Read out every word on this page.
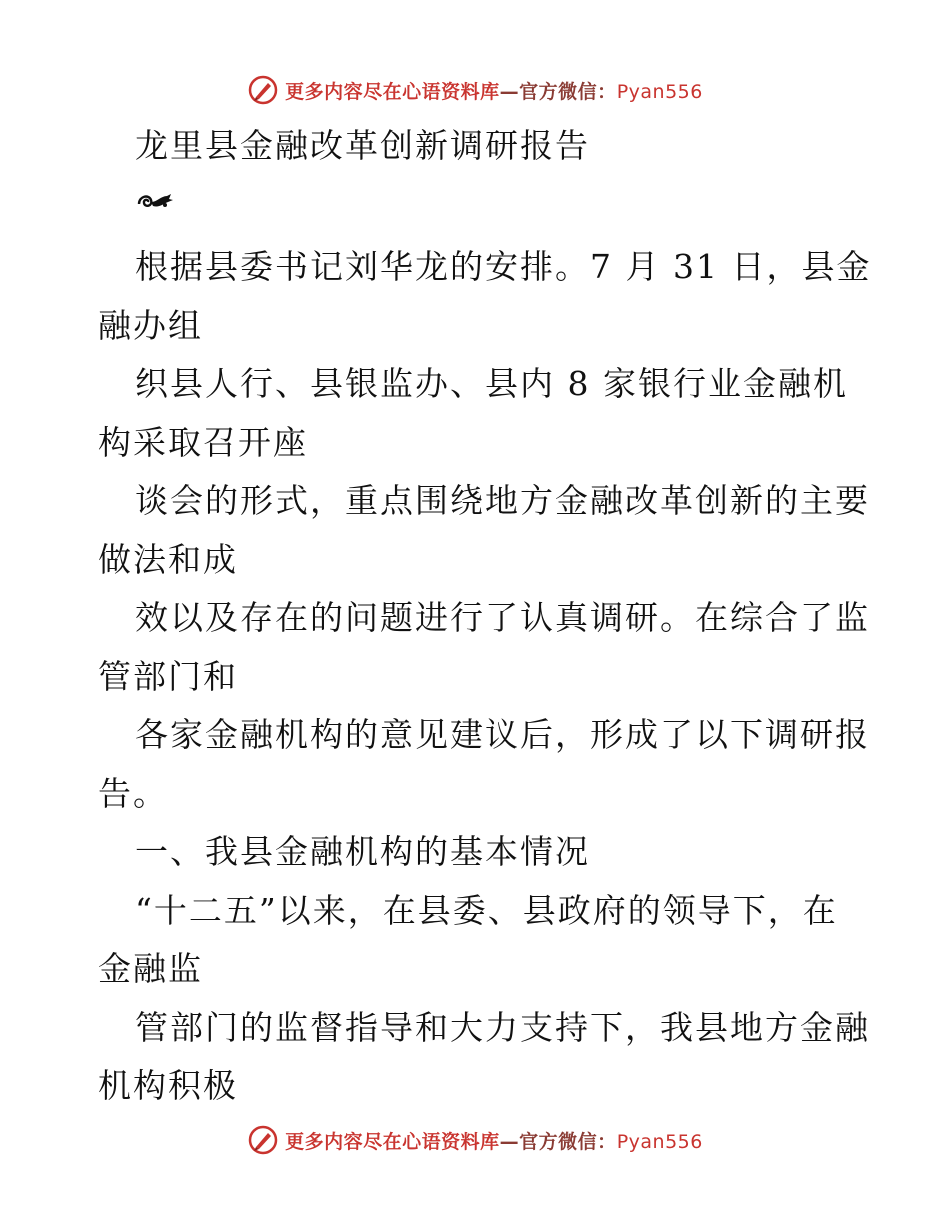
更多内容尽在心语资料库—官方微信：Pyan556
龙里县金融改革创新调研报告
根据县委书记刘华龙的安排。7 月 31 日，县金
融办组
织县人行、县银监办、县内 8 家银行业金融机
构采取召开座
谈会的形式，重点围绕地方金融改革创新的主要
做法和成
效以及存在的问题进行了认真调研。在综合了监
管部门和
各家金融机构的意见建议后，形成了以下调研报
告。
一、我县金融机构的基本情况
“十二五”以来，在县委、县政府的领导下，在
金融监
管部门的监督指导和大力支持下，我县地方金融
机构积极
更多内容尽在心语资料库—官方微信：Pyan556
